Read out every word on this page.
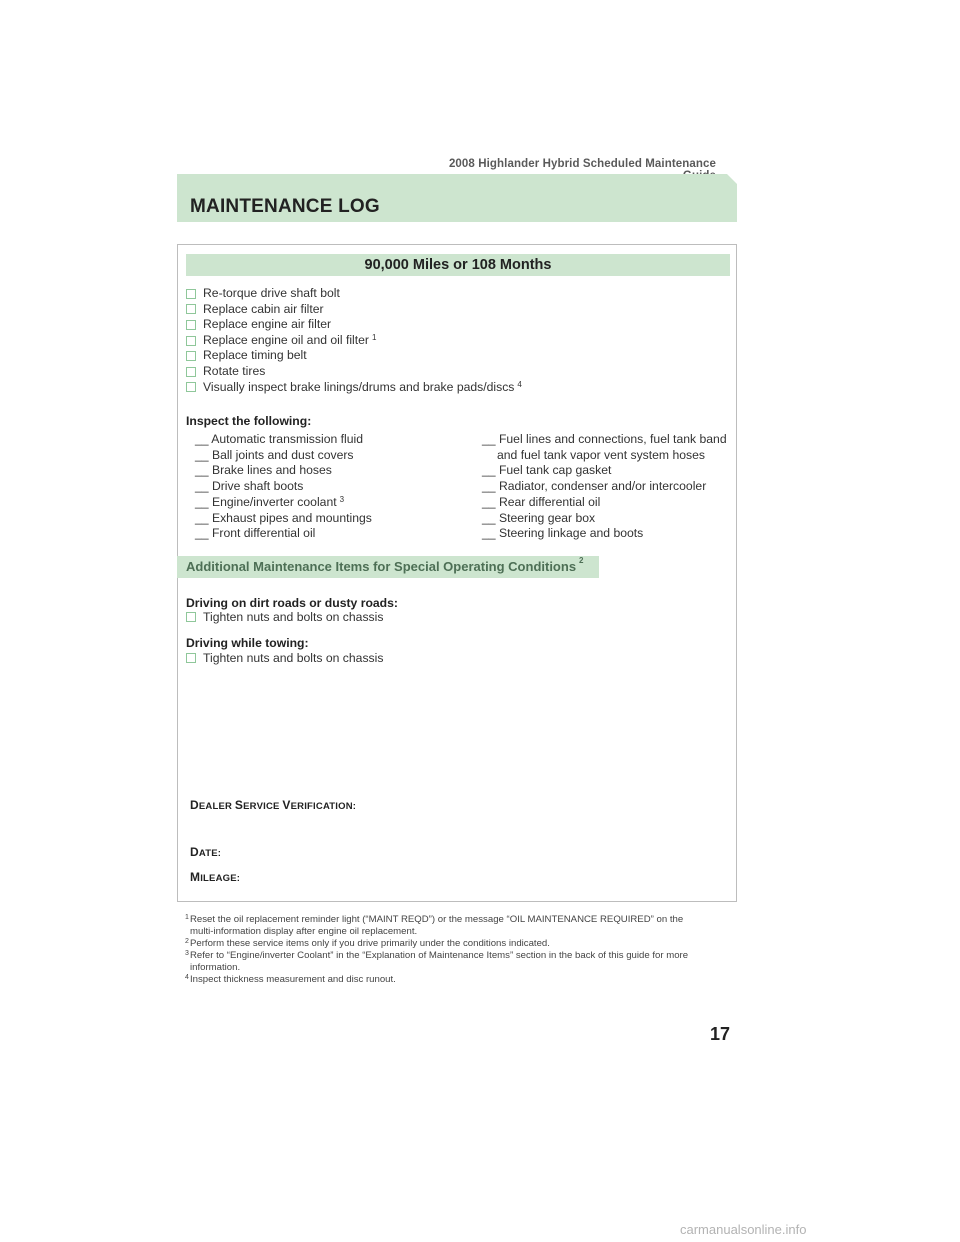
2008 Highlander Hybrid Scheduled Maintenance
MAINTENANCE LOG
90,000 Miles or 108 Months
Re-torque drive shaft bolt
Replace cabin air filter
Replace engine air filter
Replace engine oil and oil filter $^1$
Replace timing belt
Rotate tires
Visually inspect brake linings/drums and brake pads/discs $^4$
Inspect the following:
__ Automatic transmission fluid
__ Ball joints and dust covers
__ Brake lines and hoses
__ Drive shaft boots
__ Engine/inverter coolant $^3$
__ Exhaust pipes and mountings
__ Front differential oil
__ Fuel lines and connections, fuel tank band and fuel tank vapor vent system hoses
__ Fuel tank cap gasket
__ Radiator, condenser and/or intercooler
__ Rear differential oil
__ Steering gear box
__ Steering linkage and boots
Additional Maintenance Items for Special Operating Conditions $^2$
Driving on dirt roads or dusty roads:
Tighten nuts and bolts on chassis
Driving while towing:
Tighten nuts and bolts on chassis
DEALER SERVICE VERIFICATION:
DATE:
MILEAGE:
1 Reset the oil replacement reminder light (“MAINT REQD”) or the message “OIL MAINTENANCE REQUIRED” on the
multi-information display after engine oil replacement.
2 Perform these service items only if you drive primarily under the conditions indicated.
3 Refer to “Engine/inverter Coolant” in the “Explanation of Maintenance Items” section in the back of this guide for more
information.
4 Inspect thickness measurement and disc runout.
17
carmanualsonline.info
